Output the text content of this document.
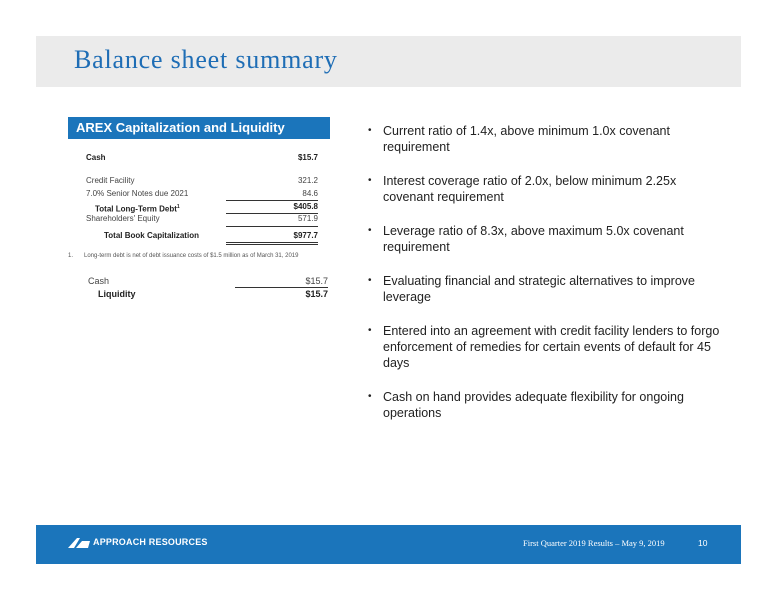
Balance sheet summary
AREX Capitalization and Liquidity
Cash	$15.7
Credit Facility	321.2
7.0% Senior Notes due 2021	84.6
Total Long-Term Debt$^1$	$405.8
Shareholders' Equity	571.9
Total Book Capitalization	$977.7
1. Long-term debt is net of debt issuance costs of $1.5 million as of March 31, 2019
Cash	$15.7
Liquidity	$15.7
• Current ratio of 1.4x, above minimum 1.0x covenant requirement
• Interest coverage ratio of 2.0x, below minimum 2.25x covenant requirement
• Leverage ratio of 8.3x, above maximum 5.0x covenant requirement
• Evaluating financial and strategic alternatives to improve leverage
• Entered into an agreement with credit facility lenders to forgo enforcement of remedies for certain events of default for 45 days
• Cash on hand provides adequate flexibility for ongoing operations
APPROACH RESOURCES	First Quarter 2019 Results – May 9, 2019	10
